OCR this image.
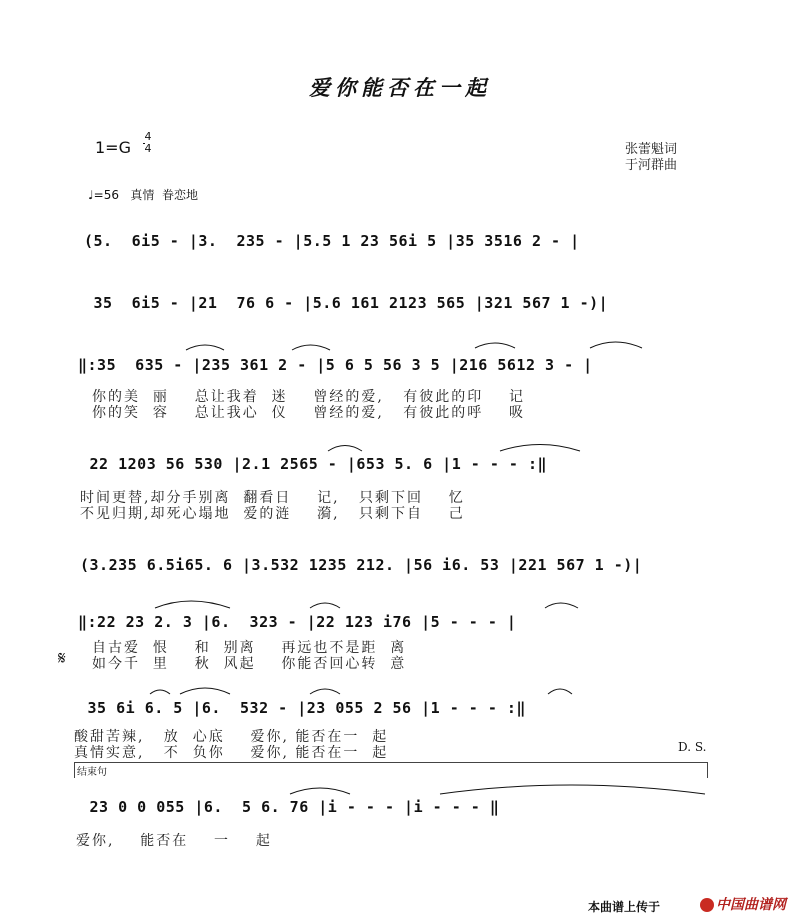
爱你能否在一起
1=G
4
4	张蕾魁词
于河群曲
♩=56   真情  眷恋地
(5.  6i5 - |3.  235 - |5.5 1 23 56i 5 |35 3516 2 - |
35  6i5 - |21  76 6 - |5.6 161 2123 565 |321 567 1 -)|
‖:35  635 - |235 361 2 - |5 6 5 56 3 5 |216 5612 3 - |
你的美  丽    总让我着  迷    曾经的爱,   有彼此的印    记
你的笑  容    总让我心  仪    曾经的爱,   有彼此的呼    吸
22 1203 56 530 |2.1 2565 - |653 5. 6 |1 - - - :‖
时间更替,却分手别离  翻看日    记,   只剩下回    忆
不见归期,却死心塌地  爱的涟    漪,   只剩下自    己
(3.235 6.5i65. 6 |3.532 1235 212. |56 i6. 53 |221 567 1 -)|
‖:22 23 2. 3 |6.  323 - |22 123 i76 |5 - - - |
自古爱  恨    和  别离    再远也不是距  离
如今千  里    秋  风起    你能否回心转  意
𝄋
35 6i 6. 5 |6.  532 - |23 055 2 56 |1 - - - :‖
酸甜苦辣,   放  心底    爱你, 能否在一  起
真情实意,   不  负你    爱你, 能否在一  起	D. S.
结束句
23 0 0 055 |6.  5 6. 76 |i - - - |i - - - ‖
爱你,    能否在    一    起
本曲谱上传于	中国曲谱网
